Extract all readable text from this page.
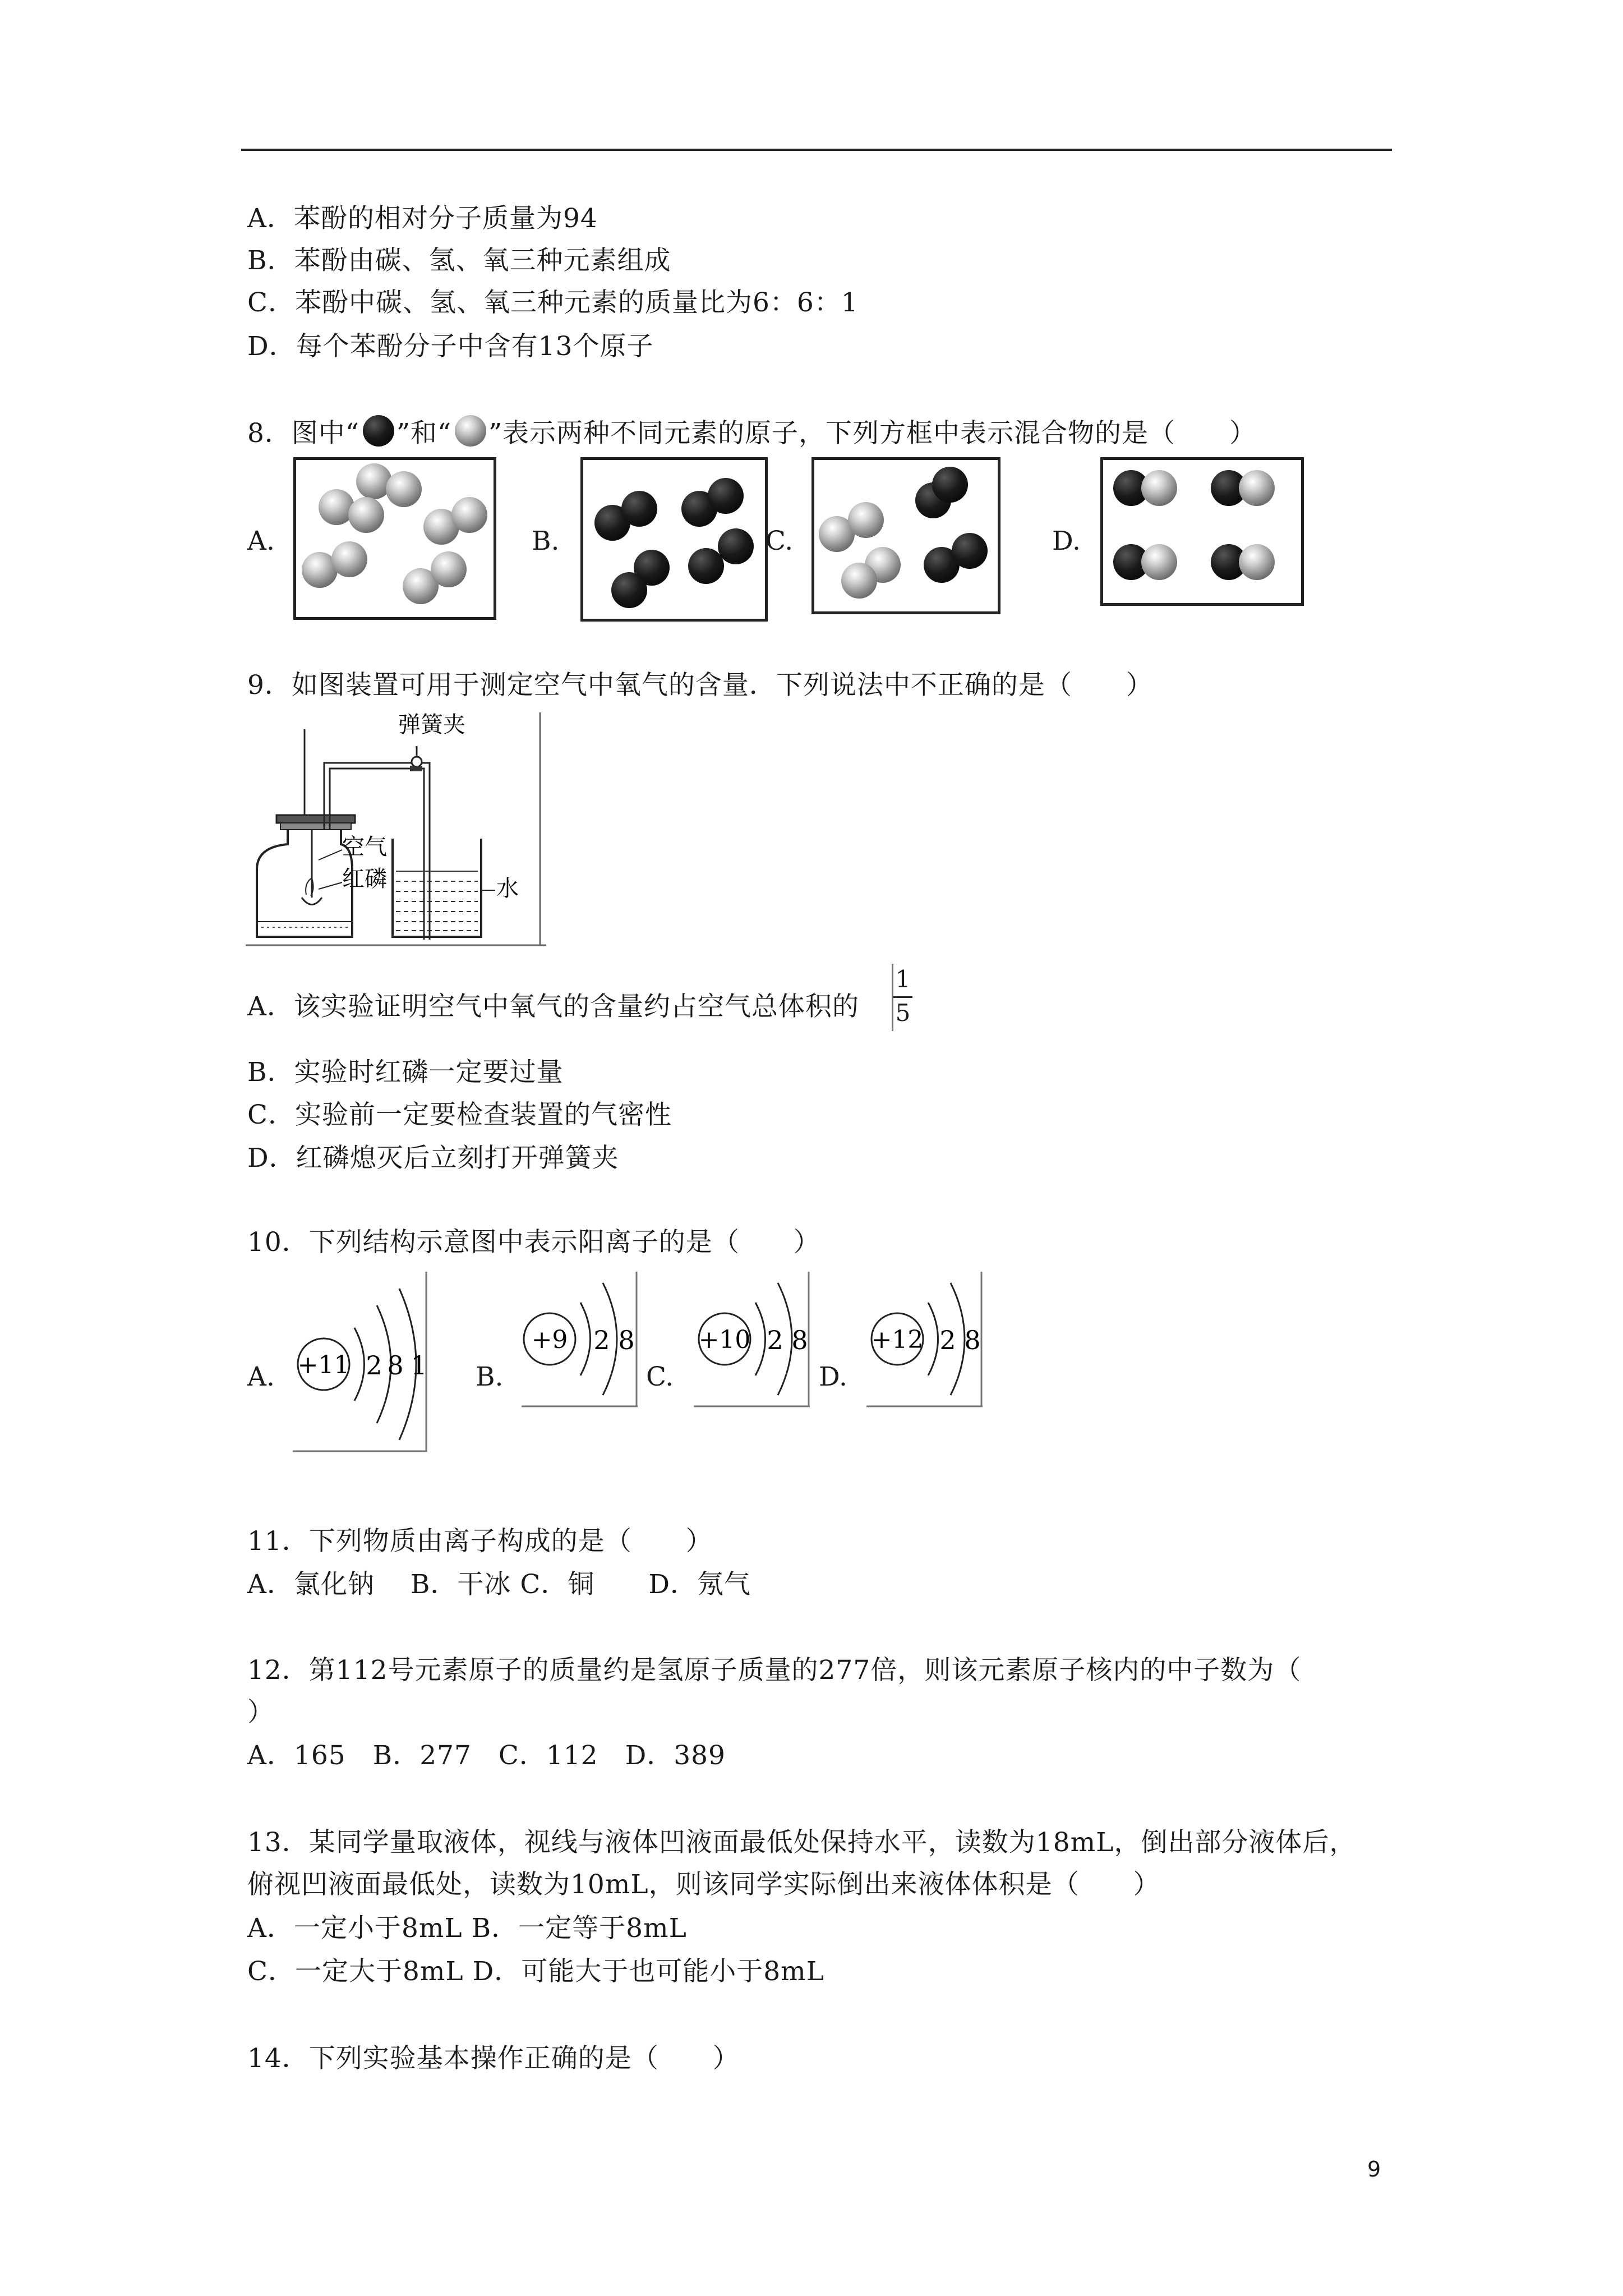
A．苯酚的相对分子质量为94
B．苯酚由碳、氢、氧三种元素组成
C．苯酚中碳、氢、氧三种元素的质量比为6：6：1
D．每个苯酚分子中含有13个原子
8．图中“ ”和“ ”表示两种不同元素的原子，下列方框中表示混合物的是（　　）
A.	B.	C.	D.
9．如图装置可用于测定空气中氧气的含量．下列说法中不正确的是（　　）
弹簧夹
空气
红磷	水
A．该实验证明空气中氧气的含量约占空气总体积的
1
5
B．实验时红磷一定要过量
C．实验前一定要检查装置的气密性
D．红磷熄灭后立刻打开弹簧夹
10．下列结构示意图中表示阳离子的是（　　）
A. +11 2 8 1 B.
+9 2 8
C.
+10 2 8
D.
+12 2 8
11．下列物质由离子构成的是（　　）
A．氯化钠　 B．干冰 C．铜　　D．氖气
12．第112号元素原子的质量约是氢原子质量的277倍，则该元素原子核内的中子数为（
）
A．165　B．277　C．112　D．389
13．某同学量取液体，视线与液体凹液面最低处保持水平，读数为18mL，倒出部分液体后，
俯视凹液面最低处，读数为10mL，则该同学实际倒出来液体体积是（　　）
A．一定小于8mL B．一定等于8mL
C．一定大于8mL D．可能大于也可能小于8mL
14．下列实验基本操作正确的是（　　）
9
